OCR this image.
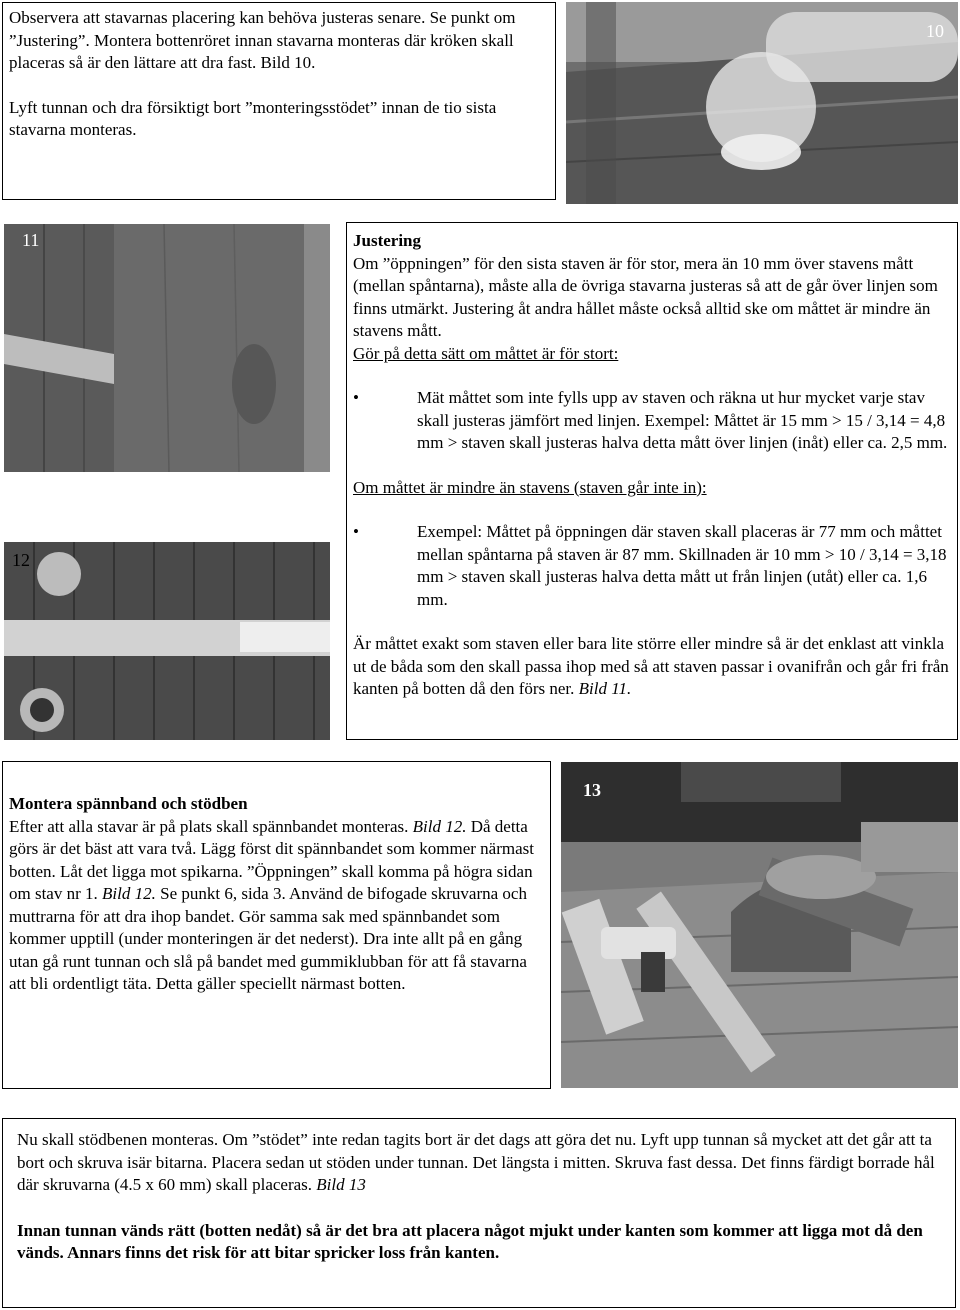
Observera att stavarnas placering kan behöva justeras senare. Se punkt om ”Justering”. Montera bottenröret innan stavarna monteras där kröken skall placeras så är den lättare att dra fast. Bild 10.

Lyft tunnan och dra försiktigt bort ”monteringsstödet” innan de tio sista stavarna monteras.

10
11
12

Justering

Om ”öppningen” för den sista staven är för stor, mera än 10 mm över stavens mått (mellan spåntarna), måste alla de övriga stavarna justeras så att de går över linjen som finns utmärkt. Justering åt andra hållet måste också alltid ske om måttet är mindre än stavens mått.

Gör på detta sätt om måttet är för stort:

• Mät måttet som inte fylls upp av staven och räkna ut hur mycket varje stav skall justeras jämfört med linjen. Exempel: Måttet är 15 mm > 15 / 3,14 = 4,8 mm > staven skall justeras halva detta mått över linjen (inåt) eller ca. 2,5 mm.

Om måttet är mindre än stavens (staven går inte in):

• Exempel: Måttet på öppningen där staven skall placeras är 77 mm och måttet mellan spåntarna på staven är 87 mm. Skillnaden är 10 mm > 10 / 3,14 = 3,18 mm > staven skall justeras halva detta mått ut från linjen (utåt) eller ca. 1,6 mm.

Är måttet exakt som staven eller bara lite större eller mindre så är det enklast att vinkla ut de båda som den skall passa ihop med så att staven passar i ovanifrån och går fri från kanten på botten då den förs ner. Bild 11.

Montera spännband och stödben

Efter att alla stavar är på plats skall spännbandet monteras. Bild 12. Då detta görs är det bäst att vara två. Lägg först dit spännbandet som kommer närmast botten. Låt det ligga mot spikarna. ”Öppningen” skall komma på högra sidan om stav nr 1. Bild 12. Se punkt 6, sida 3. Använd de bifogade skruvarna och muttrarna för att dra ihop bandet. Gör samma sak med spännbandet som kommer upptill (under monteringen är det nederst). Dra inte allt på en gång utan gå runt tunnan och slå på bandet med gummiklubban för att få stavarna att bli ordentligt täta. Detta gäller speciellt närmast botten.

13

Nu skall stödbenen monteras. Om ”stödet” inte redan tagits bort är det dags att göra det nu. Lyft upp tunnan så mycket att det går att ta bort och skruva isär bitarna. Placera sedan ut stöden under tunnan. Det längsta i mitten. Skruva fast dessa. Det finns färdigt borrade hål där skruvarna (4.5 x 60 mm) skall placeras. Bild 13

Innan tunnan vänds rätt (botten nedåt) så är det bra att placera något mjukt under kanten som kommer att ligga mot då den vänds. Annars finns det risk för att bitar spricker loss från kanten.
